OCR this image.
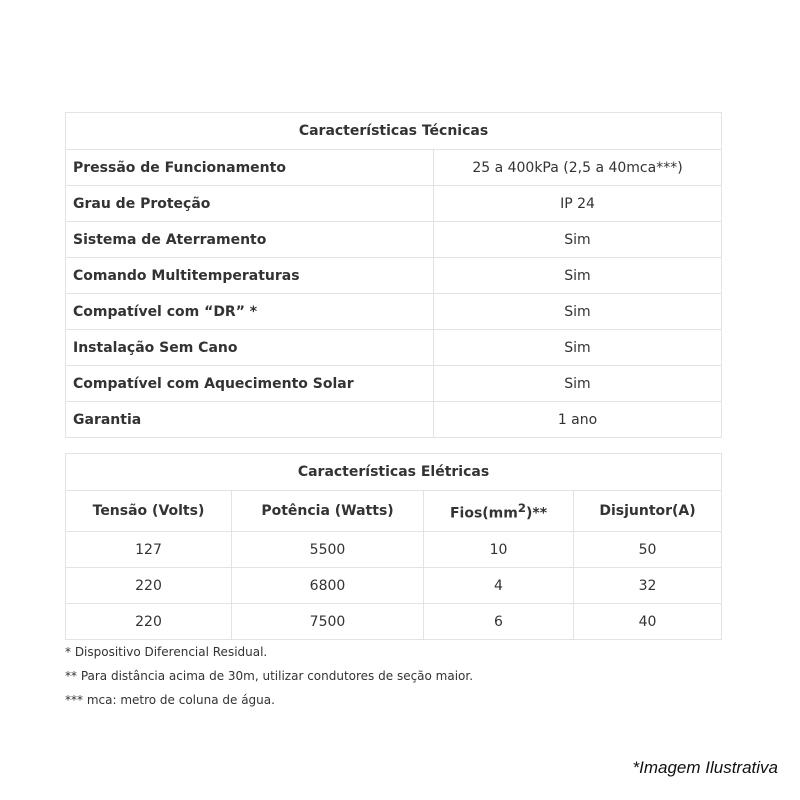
Características Técnicas	
Pressão de Funcionamento	25 a 400kPa (2,5 a 40mca***)
Grau de Proteção	IP 24
Sistema de Aterramento	Sim
Comando Multitemperaturas	Sim
Compatível com “DR” *	Sim
Instalação Sem Cano	Sim
Compatível com Aquecimento Solar	Sim
Garantia	1 ano
Características Elétricas			
Tensão (Volts)	Potência (Watts)	$Fios(mm^2)**$	Disjuntor(A)
127	5500	10	50
220	6800	4	32
220	7500	6	40
* Dispositivo Diferencial Residual.
** Para distância acima de 30m, utilizar condutores de seção maior.
*** mca: metro de coluna de água.
*Imagem Ilustrativa
